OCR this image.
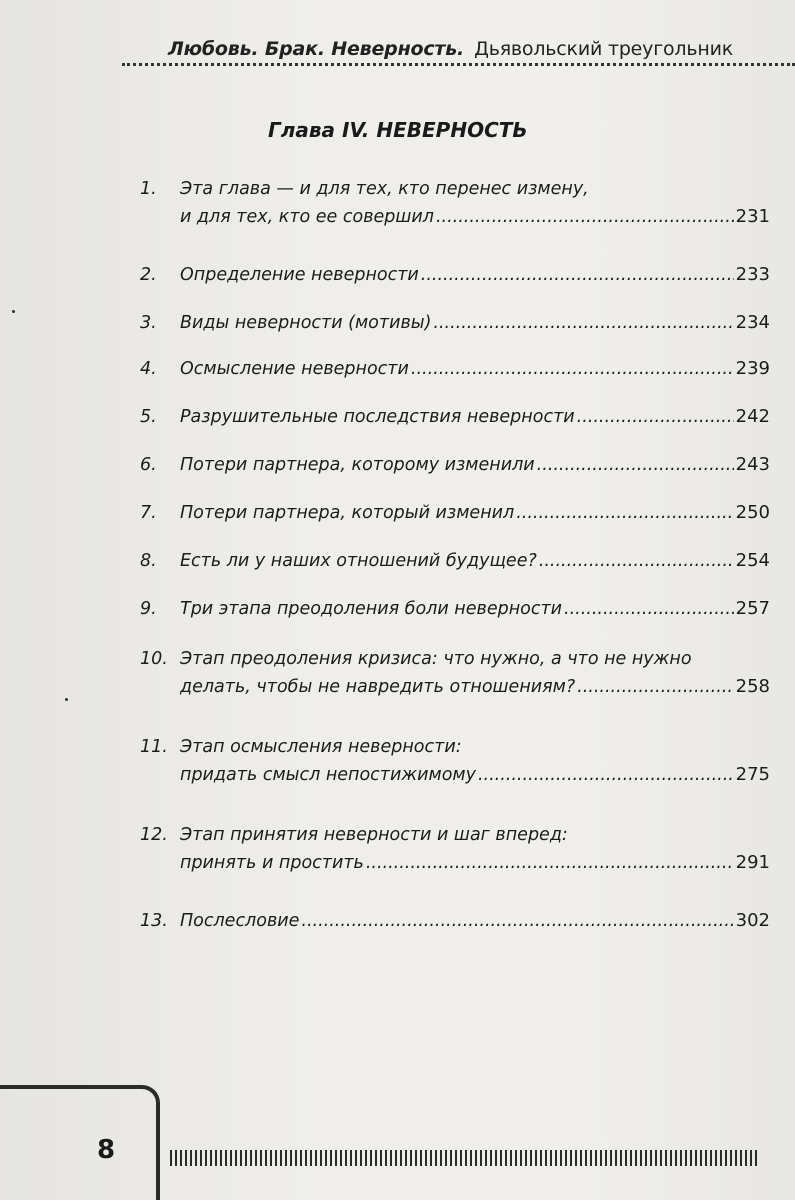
Любовь. Брак. Неверность. Дьявольский треугольник
Глава IV. НЕВЕРНОСТЬ
1.	Эта глава — и для тех, кто перенес измену,
и для тех, кто ее совершил .....	231
2.	Определение неверности .....	233
3.	Виды неверности (мотивы) .....	234
4.	Осмысление неверности .....	239
5.	Разрушительные последствия неверности .....	242
6.	Потери партнера, которому изменили .....	243
7.	Потери партнера, который изменил .....	250
8.	Есть ли у наших отношений будущее? .....	254
9.	Три этапа преодоления боли неверности .....	257
10. Этап преодоления кризиса: что нужно, а что не нужно
делать, чтобы не навредить отношениям? .....	258
11. Этап осмысления неверности:
придать смысл непостижимому .....	275
12. Этап принятия неверности и шаг вперед:
принять и простить .....	291
13. Послесловие .....	302
8
